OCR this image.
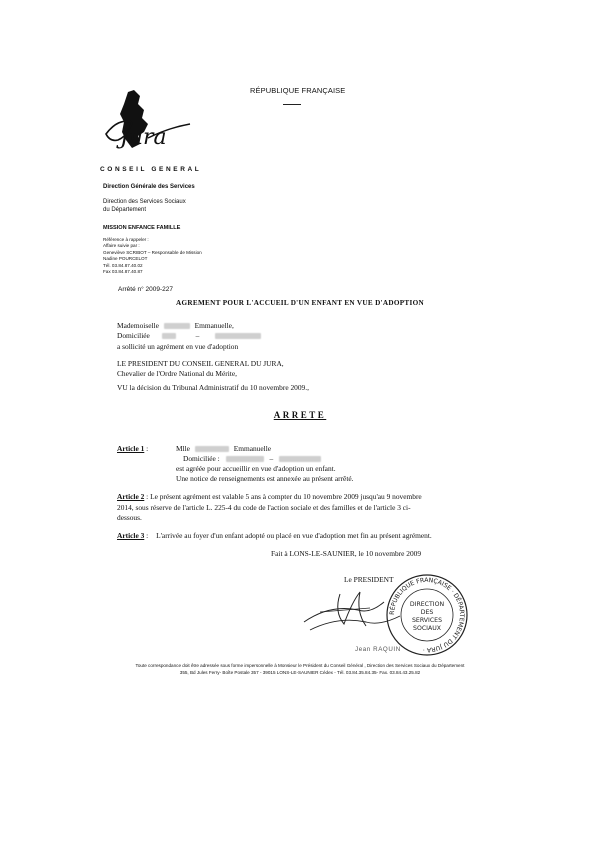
RÉPUBLIQUE FRANÇAISE
Jura
CONSEIL GENERAL
Direction Générale des Services
Direction des Services Sociaux
du Département
MISSION ENFANCE FAMILLE
Référence à rappeler :
Affaire suivie par :
Geneviève SCRIBOT – Responsable de Mission
Nadine POURCELOT
Tél. 03.84.87.40.02
Fax 03.84.87.40.87
Arrêté n° 2009-227
AGREMENT POUR L'ACCUEIL D'UN ENFANT EN VUE D'ADOPTION
Mademoiselle	Emmanuelle,
Domiciliée	–
a sollicité un agrément en vue d'adoption
LE PRESIDENT DU CONSEIL GENERAL DU JURA,
Chevalier de l'Ordre National du Mérite,
VU la décision du Tribunal Administratif du 10 novembre 2009.,
ARRETE
Article 1 :	Mlle	Emmanuelle
Domiciliée :	–
est agréée pour accueillir en vue d'adoption un enfant.
Une notice de renseignements est annexée au présent arrêté.
Article 2 : Le présent agrément est valable 5 ans à compter du 10 novembre 2009 jusqu'au 9 novembre
2014, sous réserve de l'article L. 225-4 du code de l'action sociale et des familles et de l'article 3 ci-
dessous.
Article 3 : L'arrivée au foyer d'un enfant adopté ou placé en vue d'adoption met fin au présent agrément.
Fait à LONS-LE-SAUNIER, le 10 novembre 2009
Le PRESIDENT
RÉPUBLIQUE FRANÇAISE · DÉPARTEMENT DU JURA ·
DIRECTION
DES
SERVICES
SOCIAUX
Jean RAQUIN
Toute correspondance doit être adressée sous forme impersonnelle à Monsieur le Président du Conseil Général , Direction des Services Sociaux du Département
355, Bd Jules Ferry- Boîte Postale 357 - 39015 LONS-LE-SAUNIER Cédex - Tél. 03.84.35.84.35- Fax. 03.84.43.25.82
